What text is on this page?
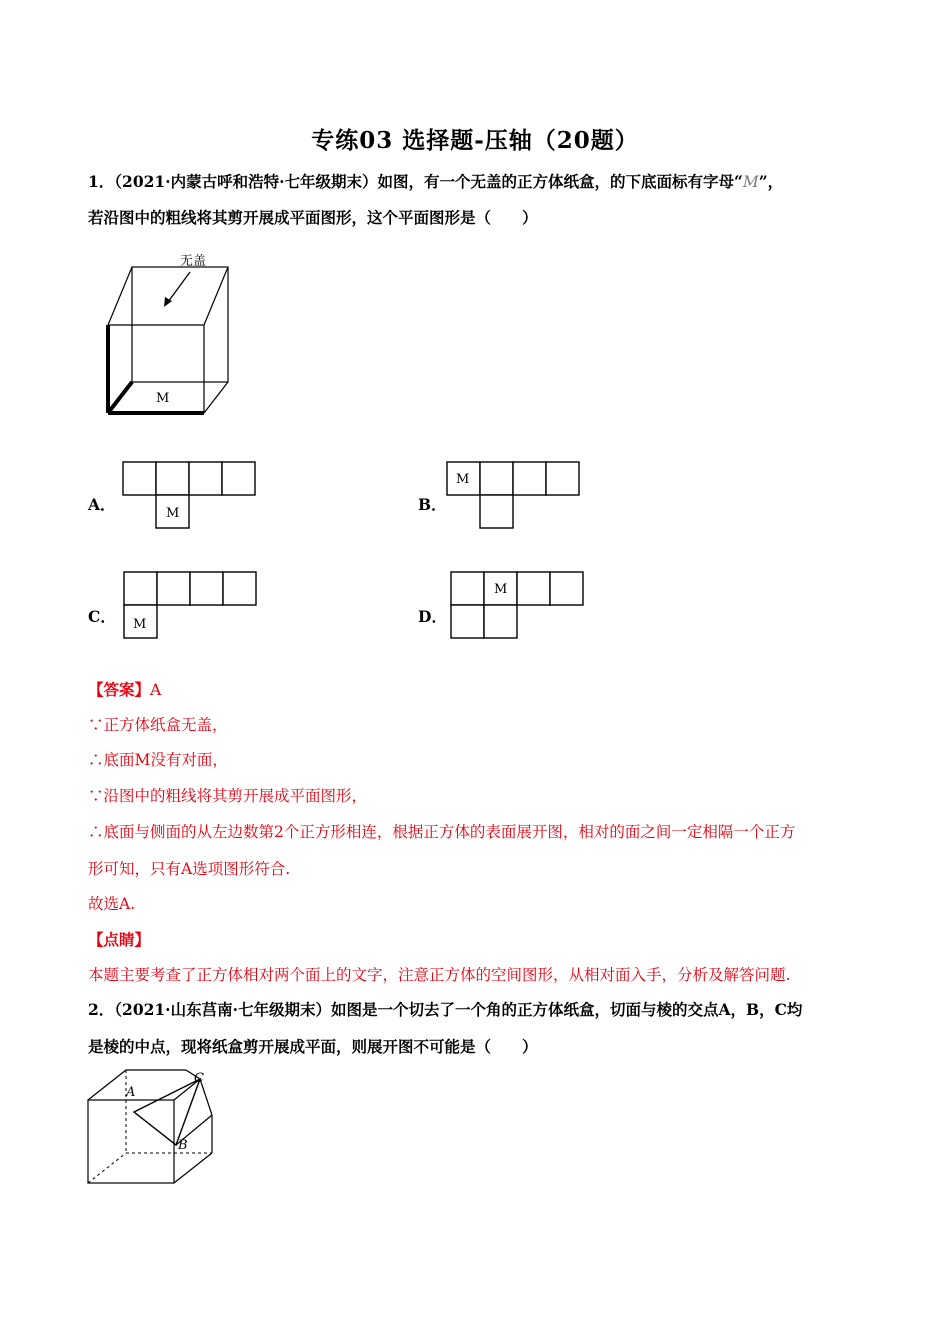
专练03 选择题-压轴（20题）
1．（2021·内蒙古呼和浩特·七年级期末）如图，有一个无盖的正方体纸盒，的下底面标有字母“M”，
若沿图中的粗线将其剪开展成平面图形，这个平面图形是（　　）
无盖
M
A．	M	B．
M
C． M	D．
M
【答案】A
∵正方体纸盒无盖，
∴底面M没有对面，
∵沿图中的粗线将其剪开展成平面图形，
∴底面与侧面的从左边数第2个正方形相连，根据正方体的表面展开图，相对的面之间一定相隔一个正方
形可知，只有A选项图形符合.
故选A.
【点睛】
本题主要考查了正方体相对两个面上的文字，注意正方体的空间图形，从相对面入手，分析及解答问题.
2．（2021·山东莒南·七年级期末）如图是一个切去了一个角的正方体纸盒，切面与棱的交点A，B，C均
是棱的中点，现将纸盒剪开展成平面，则展开图不可能是（　　）
A
B
C
